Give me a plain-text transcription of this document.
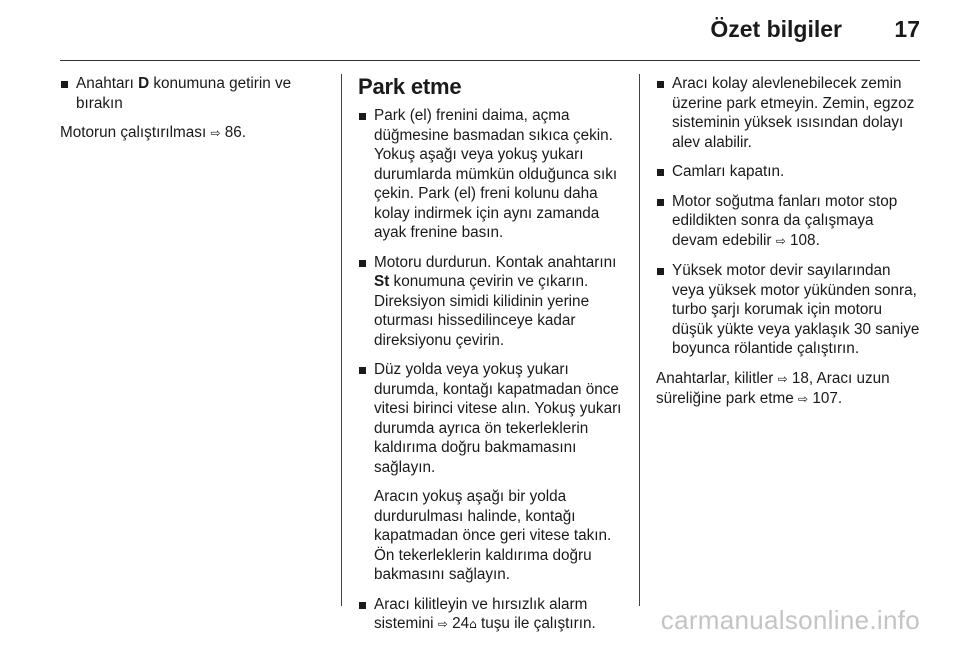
Özet bilgiler 17
Anahtarı D konumuna getirin ve bırakın
Motorun çalıştırılması ⇨ 86.
Park etme
Park (el) frenini daima, açma düğmesine basmadan sıkıca çekin. Yokuş aşağı veya yokuş yukarı durumlarda mümkün olduğunca sıkı çekin. Park (el) freni kolunu daha kolay indirmek için aynı zamanda ayak frenine basın.
Motoru durdurun. Kontak anahtarını St konumuna çevirin ve çıkarın. Direksiyon simidi kilidinin yerine oturması hissedilinceye kadar direksiyonu çevirin.
Düz yolda veya yokuş yukarı durumda, kontağı kapatmadan önce vitesi birinci vitese alın. Yokuş yukarı durumda ayrıca ön tekerleklerin kaldırıma doğru bakmamasını sağlayın.
Aracın yokuş aşağı bir yolda durdurulması halinde, kontağı kapatmadan önce geri vitese takın. Ön tekerleklerin kaldırıma doğru bakmasını sağlayın.
Aracı kilitleyin ve hırsızlık alarm sistemini ⇨ 24⌂ tuşu ile çalıştırın.
Aracı kolay alevlenebilecek zemin üzerine park etmeyin. Zemin, egzoz sisteminin yüksek ısısından dolayı alev alabilir.
Camları kapatın.
Motor soğutma fanları motor stop edildikten sonra da çalışmaya devam edebilir ⇨ 108.
Yüksek motor devir sayılarından veya yüksek motor yükünden sonra, turbo şarjı korumak için motoru düşük yükte veya yaklaşık 30 saniye boyunca rölantide çalıştırın.
Anahtarlar, kilitler ⇨ 18, Aracı uzun süreliğine park etme ⇨ 107.
carmanualsonline.info
